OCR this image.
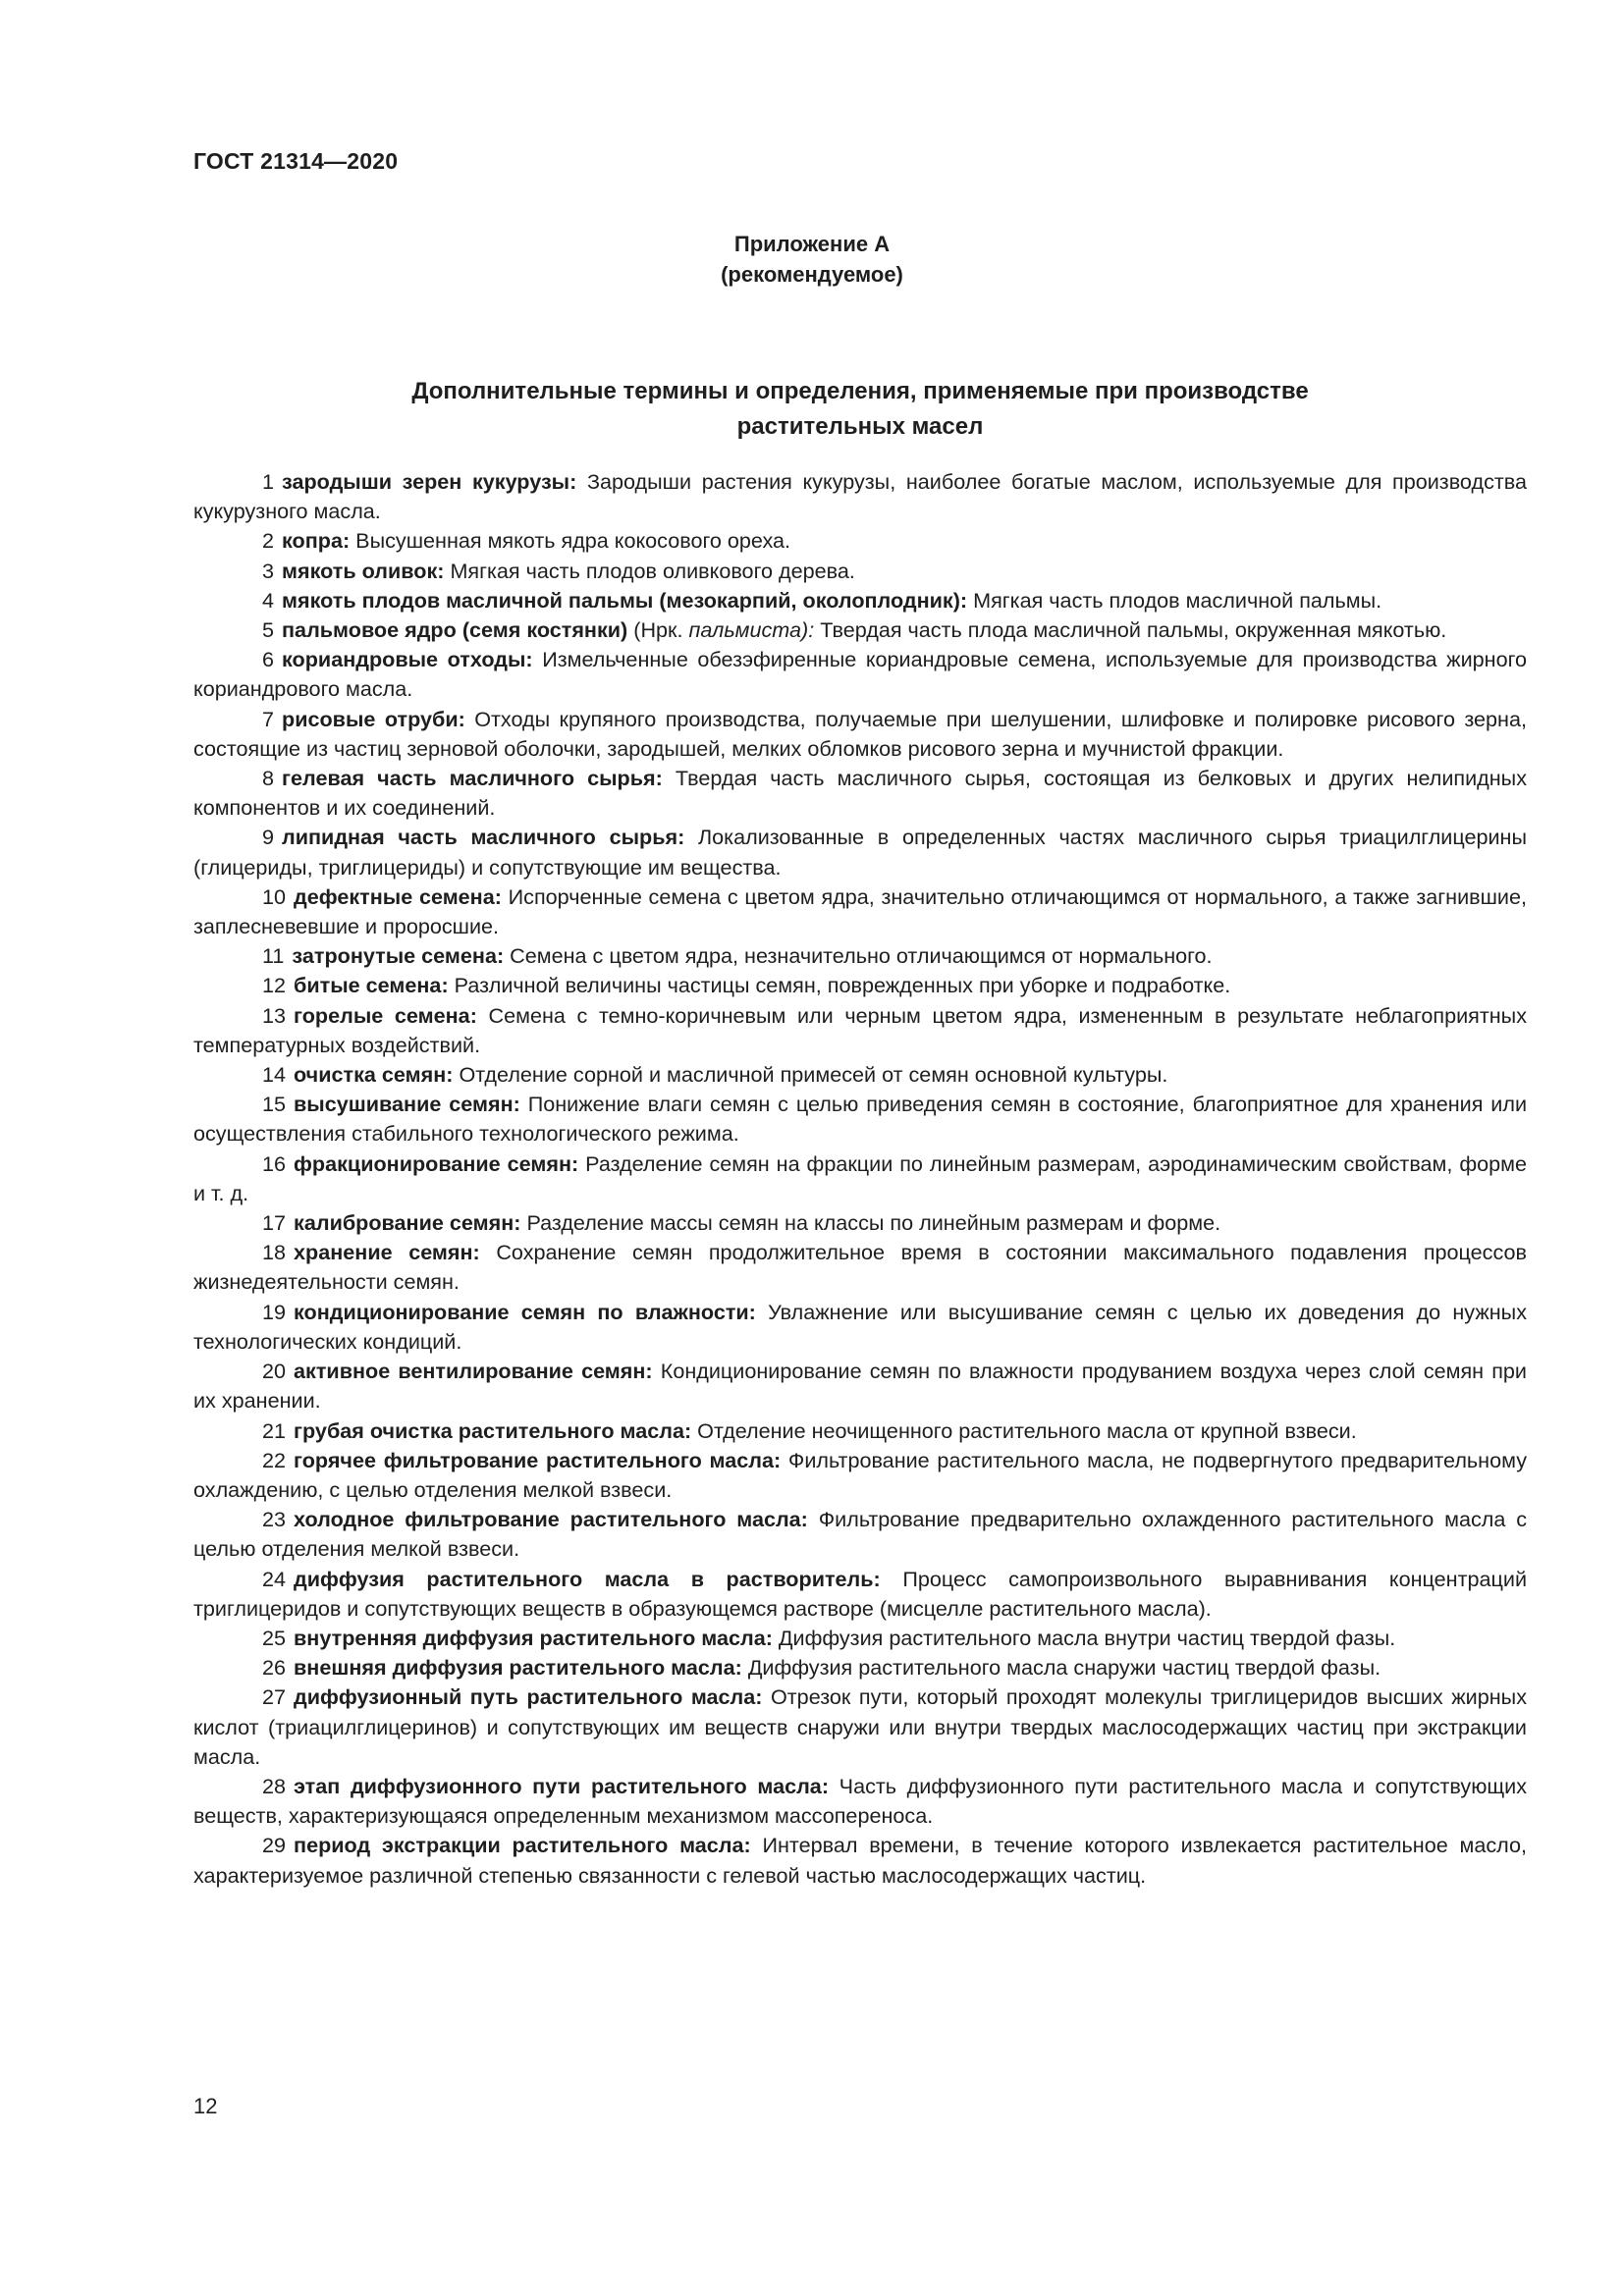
ГОСТ 21314—2020
Приложение А
(рекомендуемое)
Дополнительные термины и определения, применяемые при производстве
растительных масел

1 зародыши зерен кукурузы: Зародыши растения кукурузы, наиболее богатые маслом, используемые для производства кукурузного масла.

2 копра: Высушенная мякоть ядра кокосового ореха.

3 мякоть оливок: Мягкая часть плодов оливкового дерева.

4 мякоть плодов масличной пальмы (мезокарпий, околоплодник): Мягкая часть плодов масличной пальмы.

5 пальмовое ядро (семя костянки) (Нрк. пальмиста): Твердая часть плода масличной пальмы, окруженная мякотью.

6 кориандровые отходы: Измельченные обезэфиренные кориандровые семена, используемые для производства жирного кориандрового масла.

7 рисовые отруби: Отходы крупяного производства, получаемые при шелушении, шлифовке и полировке рисового зерна, состоящие из частиц зерновой оболочки, зародышей, мелких обломков рисового зерна и мучнистой фракции.

8 гелевая часть масличного сырья: Твердая часть масличного сырья, состоящая из белковых и других нелипидных компонентов и их соединений.

9 липидная часть масличного сырья: Локализованные в определенных частях масличного сырья триацилглицерины (глицериды, триглицериды) и сопутствующие им вещества.

10 дефектные семена: Испорченные семена с цветом ядра, значительно отличающимся от нормального, а также загнившие, заплесневевшие и проросшие.

11 затронутые семена: Семена с цветом ядра, незначительно отличающимся от нормального.

12 битые семена: Различной величины частицы семян, поврежденных при уборке и подработке.

13 горелые семена: Семена с темно-коричневым или черным цветом ядра, измененным в результате неблагоприятных температурных воздействий.

14 очистка семян: Отделение сорной и масличной примесей от семян основной культуры.

15 высушивание семян: Понижение влаги семян с целью приведения семян в состояние, благоприятное для хранения или осуществления стабильного технологического режима.

16 фракционирование семян: Разделение семян на фракции по линейным размерам, аэродинамическим свойствам, форме и т. д.

17 калибрование семян: Разделение массы семян на классы по линейным размерам и форме.

18 хранение семян: Сохранение семян продолжительное время в состоянии максимального подавления процессов жизнедеятельности семян.

19 кондиционирование семян по влажности: Увлажнение или высушивание семян с целью их доведения до нужных технологических кондиций.

20 активное вентилирование семян: Кондиционирование семян по влажности продуванием воздуха через слой семян при их хранении.

21 грубая очистка растительного масла: Отделение неочищенного растительного масла от крупной взвеси.

22 горячее фильтрование растительного масла: Фильтрование растительного масла, не подвергнутого предварительному охлаждению, с целью отделения мелкой взвеси.

23 холодное фильтрование растительного масла: Фильтрование предварительно охлажденного растительного масла с целью отделения мелкой взвеси.

24 диффузия растительного масла в растворитель: Процесс самопроизвольного выравнивания концентраций триглицеридов и сопутствующих веществ в образующемся растворе (мисцелле растительного масла).

25 внутренняя диффузия растительного масла: Диффузия растительного масла внутри частиц твердой фазы.

26 внешняя диффузия растительного масла: Диффузия растительного масла снаружи частиц твердой фазы.

27 диффузионный путь растительного масла: Отрезок пути, который проходят молекулы триглицеридов высших жирных кислот (триацилглицеринов) и сопутствующих им веществ снаружи или внутри твердых маслосодержащих частиц при экстракции масла.

28 этап диффузионного пути растительного масла: Часть диффузионного пути растительного масла и сопутствующих веществ, характеризующаяся определенным механизмом массопереноса.

29 период экстракции растительного масла: Интервал времени, в течение которого извлекается растительное масло, характеризуемое различной степенью связанности с гелевой частью маслосодержащих частиц.

12
